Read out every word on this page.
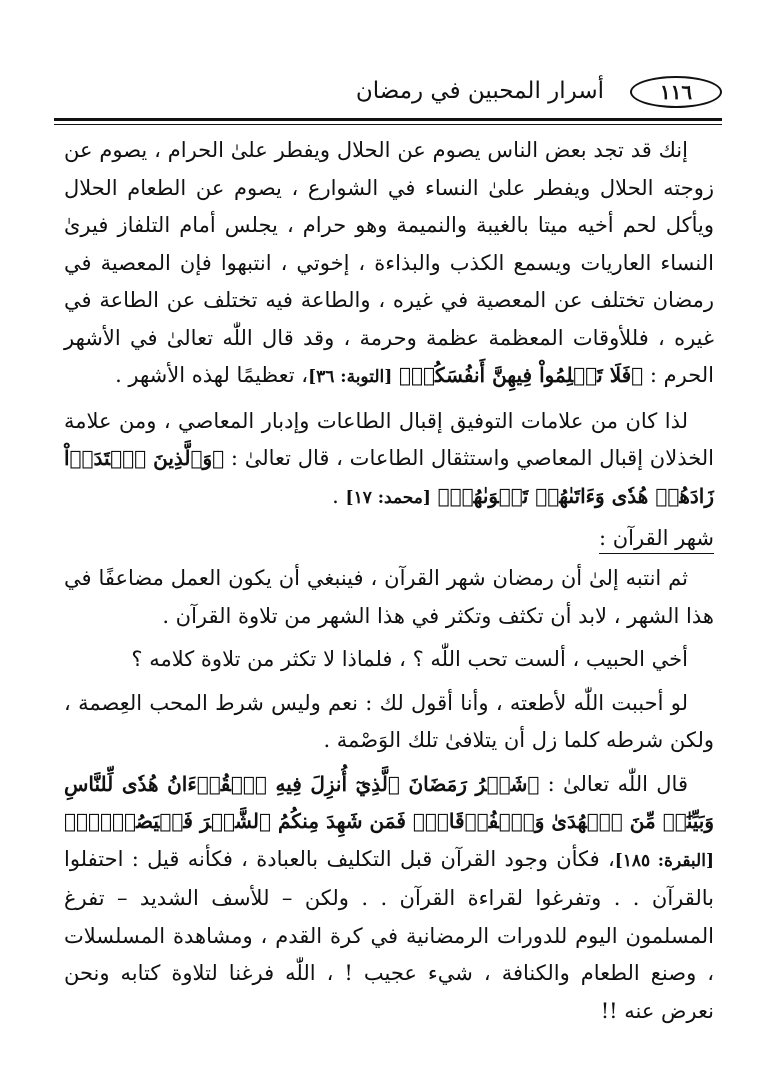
١١٦
أسرار المحبين في رمضان

إنك قد تجد بعض الناس يصوم عن الحلال ويفطر علىٰ الحرام ، يصوم عن زوجته الحلال ويفطر علىٰ النساء في الشوارع ، يصوم عن الطعام الحلال ويأكل لحم أخيه ميتا بالغيبة والنميمة وهو حرام ، يجلس أمام التلفاز فيرىٰ النساء العاريات ويسمع الكذب والبذاءة ، إخوتي ، انتبهوا فإن المعصية في رمضان تختلف عن المعصية في غيره ، والطاعة فيه تختلف عن الطاعة في غيره ، فللأوقات المعظمة عظمة وحرمة ، وقد قال اللّٰه تعالىٰ في الأشهر الحرم : ﴿فَلَا تَظۡلِمُواْ فِيهِنَّ أَنفُسَكُمۡ﴾ [التوبة: ٣٦]، تعظيمًا لهذه الأشهر .

لذا كان من علامات التوفيق إقبال الطاعات وإدبار المعاصي ، ومن علامة الخذلان إقبال المعاصي واستثقال الطاعات ، قال تعالىٰ : ﴿وَٱلَّذِينَ ٱهۡتَدَوۡاْ زَادَهُمۡ هُدٗى وَءَاتَىٰهُمۡ تَقۡوَىٰهُمۡ﴾ [محمد: ١٧] .

شهر القرآن :

ثم انتبه إلىٰ أن رمضان شهر القرآن ، فينبغي أن يكون العمل مضاعفًا في هذا الشهر ، لابد أن تكثف وتكثر في هذا الشهر من تلاوة القرآن .

أخي الحبيب ، ألست تحب اللّٰه ؟ ، فلماذا لا تكثر من تلاوة كلامه ؟

لو أحببت اللّٰه لأطعته ، وأنا أقول لك : نعم وليس شرط المحب العِصمة ، ولكن شرطه كلما زل أن يتلافىٰ تلك الوَصْمة .

قال اللّٰه تعالىٰ : ﴿شَهۡرُ رَمَضَانَ ٱلَّذِيٓ أُنزِلَ فِيهِ ٱلۡقُرۡءَانُ هُدٗى لِّلنَّاسِ وَبَيِّنَٰتٖ مِّنَ ٱلۡهُدَىٰ وَٱلۡفُرۡقَانِۚ فَمَن شَهِدَ مِنكُمُ ٱلشَّهۡرَ فَلۡيَصُمۡهُۖ﴾ [البقرة: ١٨٥]، فكأن وجود القرآن قبل التكليف بالعبادة ، فكأنه قيل : احتفلوا بالقرآن . . وتفرغوا لقراءة القرآن . . ولكن – للأسف الشديد – تفرغ المسلمون اليوم للدورات الرمضانية في كرة القدم ، ومشاهدة المسلسلات ، وصنع الطعام والكنافة ، شيء عجيب ! ، اللّٰه فرغنا لتلاوة كتابه ونحن نعرض عنه !!
